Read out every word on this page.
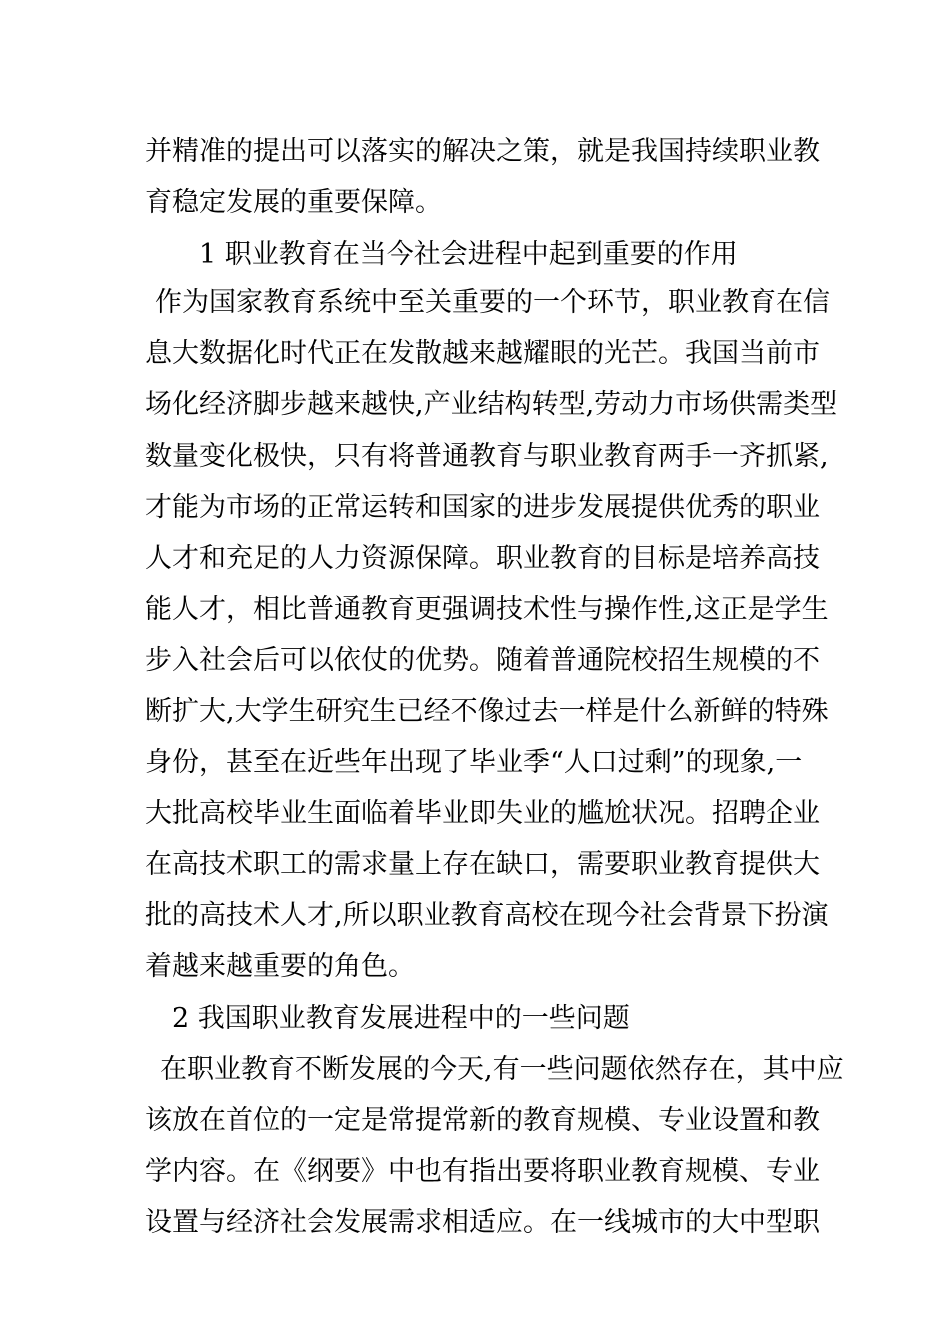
并精准的提出可以落实的解决之策，就是我国持续职业教
育稳定发展的重要保障。
1 职业教育在当今社会进程中起到重要的作用
作为国家教育系统中至关重要的一个环节，职业教育在信
息大数据化时代正在发散越来越耀眼的光芒。我国当前市
场化经济脚步越来越快,产业结构转型,劳动力市场供需类型
数量变化极快，只有将普通教育与职业教育两手一齐抓紧,
才能为市场的正常运转和国家的进步发展提供优秀的职业
人才和充足的人力资源保障。职业教育的目标是培养高技
能人才，相比普通教育更强调技术性与操作性,这正是学生
步入社会后可以依仗的优势。随着普通院校招生规模的不
断扩大,大学生研究生已经不像过去一样是什么新鲜的特殊
身份，甚至在近些年出现了毕业季“人口过剩”的现象,一
大批高校毕业生面临着毕业即失业的尴尬状况。招聘企业
在高技术职工的需求量上存在缺口，需要职业教育提供大
批的高技术人才,所以职业教育高校在现今社会背景下扮演
着越来越重要的角色。
2 我国职业教育发展进程中的一些问题
在职业教育不断发展的今天,有一些问题依然存在，其中应
该放在首位的一定是常提常新的教育规模、专业设置和教
学内容。在《纲要》中也有指出要将职业教育规模、专业
设置与经济社会发展需求相适应。在一线城市的大中型职
